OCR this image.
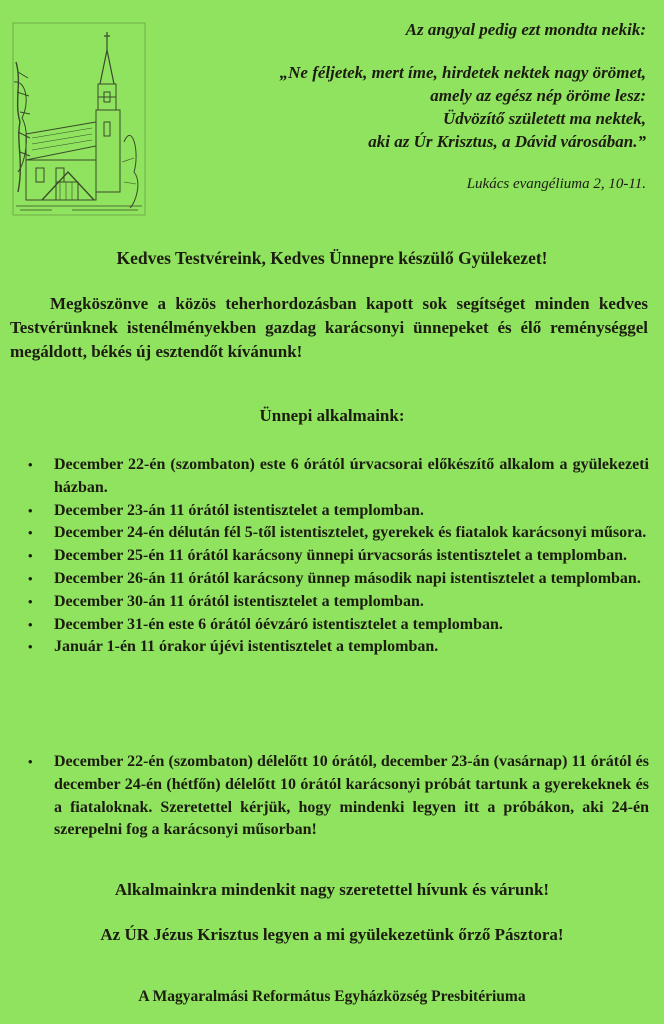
Az angyal pedig ezt mondta nekik:
„Ne féljetek, mert íme, hirdetek nektek nagy örömet,
amely az egész nép öröme lesz:
Üdvözítő született ma nektek,
aki az Úr Krisztus, a Dávid városában.”
Lukács evangéliuma 2, 10-11.
Kedves Testvéreink, Kedves Ünnepre készülő Gyülekezet!
Megköszönve a közös teherhordozásban kapott sok segítséget minden kedves Testvérünknek istenélményekben gazdag karácsonyi ünnepeket és élő reménységgel megáldott, békés új esztendőt kívánunk!
Ünnepi alkalmaink:
• December 22-én (szombaton) este 6 órától úrvacsorai előkészítő alkalom a gyülekezeti házban.
• December 23-án 11 órától istentisztelet a templomban.
• December 24-én délután fél 5-től istentisztelet, gyerekek és fiatalok karácsonyi műsora.
• December 25-én 11 órától karácsony ünnepi úrvacsorás istentisztelet a templomban.
• December 26-án 11 órától karácsony ünnep második napi istentisztelet a templomban.
• December 30-án 11 órától istentisztelet a templomban.
• December 31-én este 6 órától óévzáró istentisztelet a templomban.
• Január 1-én 11 órakor újévi istentisztelet a templomban.
• December 22-én (szombaton) délelőtt 10 órától, december 23-án (vasárnap) 11 órától és december 24-én (hétfőn) délelőtt 10 órától karácsonyi próbát tartunk a gyerekeknek és a fiataloknak. Szeretettel kérjük, hogy mindenki legyen itt a próbákon, aki 24-én szerepelni fog a karácsonyi műsorban!
Alkalmainkra mindenkit nagy szeretettel hívunk és várunk!
Az ÚR Jézus Krisztus legyen a mi gyülekezetünk őrző Pásztora!
A Magyaralmási Református Egyházközség Presbitériuma
